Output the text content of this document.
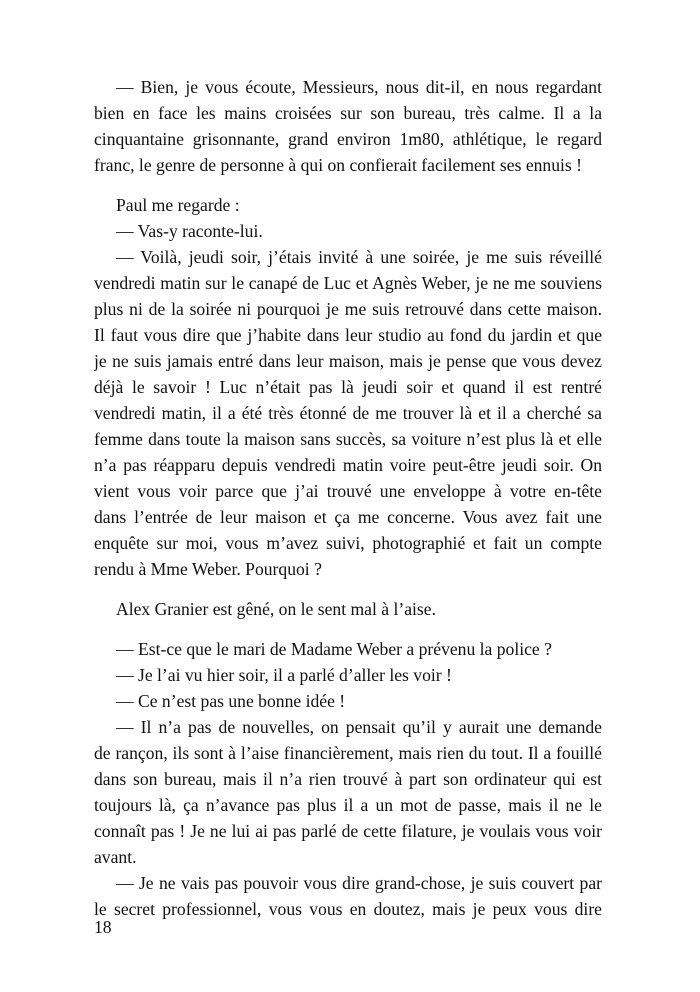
— Bien, je vous écoute, Messieurs, nous dit-il, en nous regardant
bien en face les mains croisées sur son bureau, très calme. Il a la
cinquantaine grisonnante, grand environ 1m80, athlétique, le regard
franc, le genre de personne à qui on confierait facilement ses ennuis !
Paul me regarde :
— Vas-y raconte-lui.
— Voilà, jeudi soir, j’étais invité à une soirée, je me suis réveillé
vendredi matin sur le canapé de Luc et Agnès Weber, je ne me souviens
plus ni de la soirée ni pourquoi je me suis retrouvé dans cette maison.
Il faut vous dire que j’habite dans leur studio au fond du jardin et que
je ne suis jamais entré dans leur maison, mais je pense que vous devez
déjà le savoir ! Luc n’était pas là jeudi soir et quand il est rentré
vendredi matin, il a été très étonné de me trouver là et il a cherché sa
femme dans toute la maison sans succès, sa voiture n’est plus là et elle
n’a pas réapparu depuis vendredi matin voire peut-être jeudi soir. On
vient vous voir parce que j’ai trouvé une enveloppe à votre en-tête
dans l’entrée de leur maison et ça me concerne. Vous avez fait une
enquête sur moi, vous m’avez suivi, photographié et fait un compte
rendu à Mme Weber. Pourquoi ?
Alex Granier est gêné, on le sent mal à l’aise.
— Est-ce que le mari de Madame Weber a prévenu la police ?
— Je l’ai vu hier soir, il a parlé d’aller les voir !
— Ce n’est pas une bonne idée !
— Il n’a pas de nouvelles, on pensait qu’il y aurait une demande
de rançon, ils sont à l’aise financièrement, mais rien du tout. Il a fouillé
dans son bureau, mais il n’a rien trouvé à part son ordinateur qui est
toujours là, ça n’avance pas plus il a un mot de passe, mais il ne le
connaît pas ! Je ne lui ai pas parlé de cette filature, je voulais vous voir
avant.
— Je ne vais pas pouvoir vous dire grand-chose, je suis couvert par
le secret professionnel, vous vous en doutez, mais je peux vous dire
18
